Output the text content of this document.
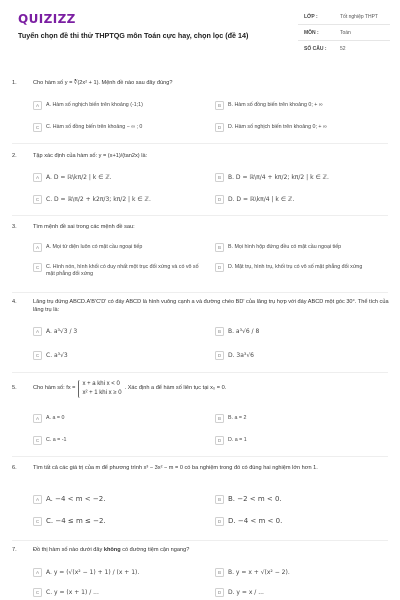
QUIZIZZ
Tuyển chọn đề thi thử THPTQG môn Toán cực hay, chọn lọc (đề 14)
LỚP :	Tốt nghiệp THPT
MÔN :	Toán
SỐ CÂU :	52
1.	Cho hàm số y = ∛(2x² + 1). Mệnh đề nào sau đây đúng?
A	A. Hàm số nghịch biến trên khoảng (-1;1)	B	B. Hàm số đồng biến trên khoảng 0; + ∞
C	C. Hàm số đồng biến trên khoảng − ∞ ; 0	D	D. Hàm số nghịch biến trên khoảng 0; + ∞
2.	Tập xác định của hàm số: y = (x+1)/(tan2x) là:
A	A. D = ℝ\kπ/2 | k ∈ ℤ.	B	B. D = ℝ\π/4 + kπ/2; kπ/2 | k ∈ ℤ.
C	C. D = ℝ\π/2 + k2π/3; kπ/2 | k ∈ ℤ.	D	D. D = ℝ\kπ/4 | k ∈ ℤ.
3.	Tìm mệnh đề sai trong các mệnh đề sau:
A	A. Mọi tứ diện luôn có mặt cầu ngoại tiếp	B	B. Mọi hình hộp đứng đều có mặt cầu ngoại tiếp
C	C. Hình nón, hình khối có duy nhất một trục đối xứng và có vô số mặt phẳng đối xứng
D	D. Mặt trụ, hình trụ, khối trụ có vô số mặt phẳng đối xứng
4.	Lăng trụ đứng ABCD.A'B'C'D' có đáy ABCD là hình vuông cạnh a và đường chéo BD' của lăng trụ hợp với đáy ABCD một góc 30°. Thể tích của lăng trụ là:
A	A. a³√3 / 3	B	B. a³√6 / 8
C	C. a³√3	D	D. 3a³√6
5.	Cho hàm số: fx =
x + a khi x < 0
x² + 1 khi x ≥ 0
. Xác định a để hàm số liên tục tại x₀ = 0.
A	A. a = 0	B	B. a = 2
C	C. a = -1	D	D. a = 1
6.	Tìm tất cả các giá trị của m để phương trình x³ − 3x² − m = 0 có ba nghiệm trong đó có đúng hai nghiệm lớn hơn 1.
A A. −4 < m < −2.	B B. −2 < m < 0.
C C. −4 ≤ m ≤ −2.	D D. −4 < m < 0.
7.	Đồ thị hàm số nào dưới đây không có đường tiệm cận ngang?
A	A. y = (√(x² − 1) + 1) / (x + 1).	B	B. y = x + √(x² − 2).
C	C. y = (x + 1) / ...	D	D. y = x / ...
